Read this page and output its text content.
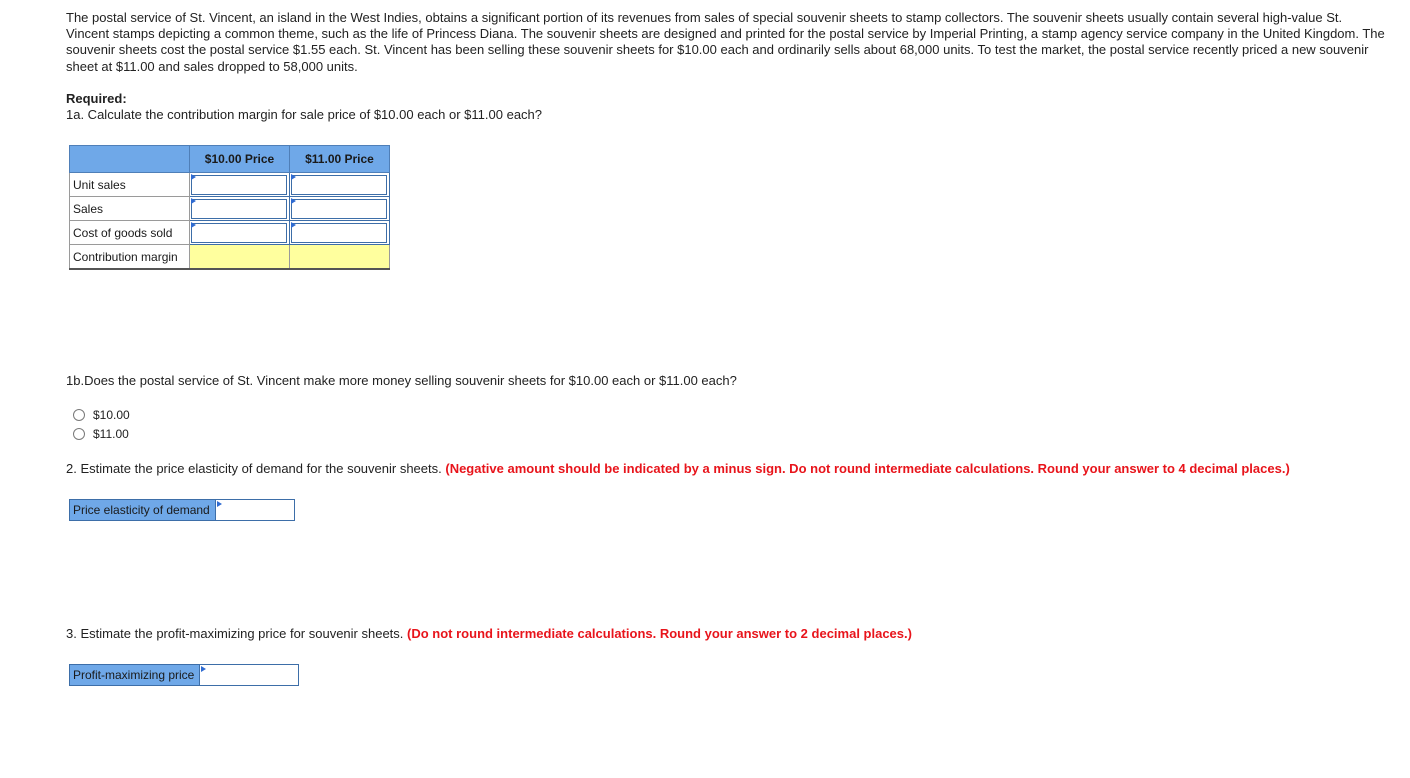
The postal service of St. Vincent, an island in the West Indies, obtains a significant portion of its revenues from sales of special souvenir sheets to stamp collectors. The souvenir sheets usually contain several high-value St. Vincent stamps depicting a common theme, such as the life of Princess Diana. The souvenir sheets are designed and printed for the postal service by Imperial Printing, a stamp agency service company in the United Kingdom. The souvenir sheets cost the postal service $1.55 each. St. Vincent has been selling these souvenir sheets for $10.00 each and ordinarily sells about 68,000 units. To test the market, the postal service recently priced a new souvenir sheet at $11.00 and sales dropped to 58,000 units.

Required:

1a. Calculate the contribution margin for sale price of $10.00 each or $11.00 each?

	$10.00 Price	$11.00 Price
Unit sales	

Sales	

Cost of goods sold	

Contribution margin		

1b.Does the postal service of St. Vincent make more money selling souvenir sheets for $10.00 each or $11.00 each?

$10.00
$11.00

2. Estimate the price elasticity of demand for the souvenir sheets. (Negative amount should be indicated by a minus sign. Do not round intermediate calculations. Round your answer to 4 decimal places.)

Price elasticity of demand

3. Estimate the profit-maximizing price for souvenir sheets. (Do not round intermediate calculations. Round your answer to 2 decimal places.)

Profit-maximizing price
